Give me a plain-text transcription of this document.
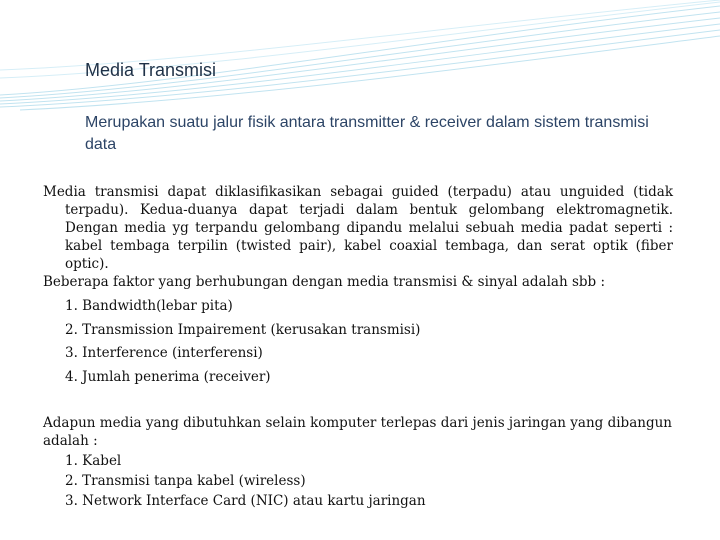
Media Transmisi

Merupakan suatu jalur fisik antara transmitter & receiver dalam sistem transmisi data

Media transmisi dapat diklasifikasikan sebagai guided (terpadu) atau unguided (tidak terpadu). Kedua-duanya dapat terjadi dalam bentuk gelombang elektromagnetik. Dengan media yg terpandu gelombang dipandu melalui sebuah media padat seperti : kabel tembaga terpilin (twisted pair), kabel coaxial tembaga, dan serat optik (fiber optic).

Beberapa faktor yang berhubungan dengan media transmisi & sinyal adalah sbb :

1. Bandwidth(lebar pita)
2. Transmission Impairement (kerusakan transmisi)
3. Interference (interferensi)
4. Jumlah penerima (receiver)

Adapun media yang dibutuhkan selain komputer terlepas dari jenis jaringan yang dibangun

adalah :

1. Kabel
2. Transmisi tanpa kabel (wireless)
3. Network Interface Card (NIC) atau kartu jaringan
